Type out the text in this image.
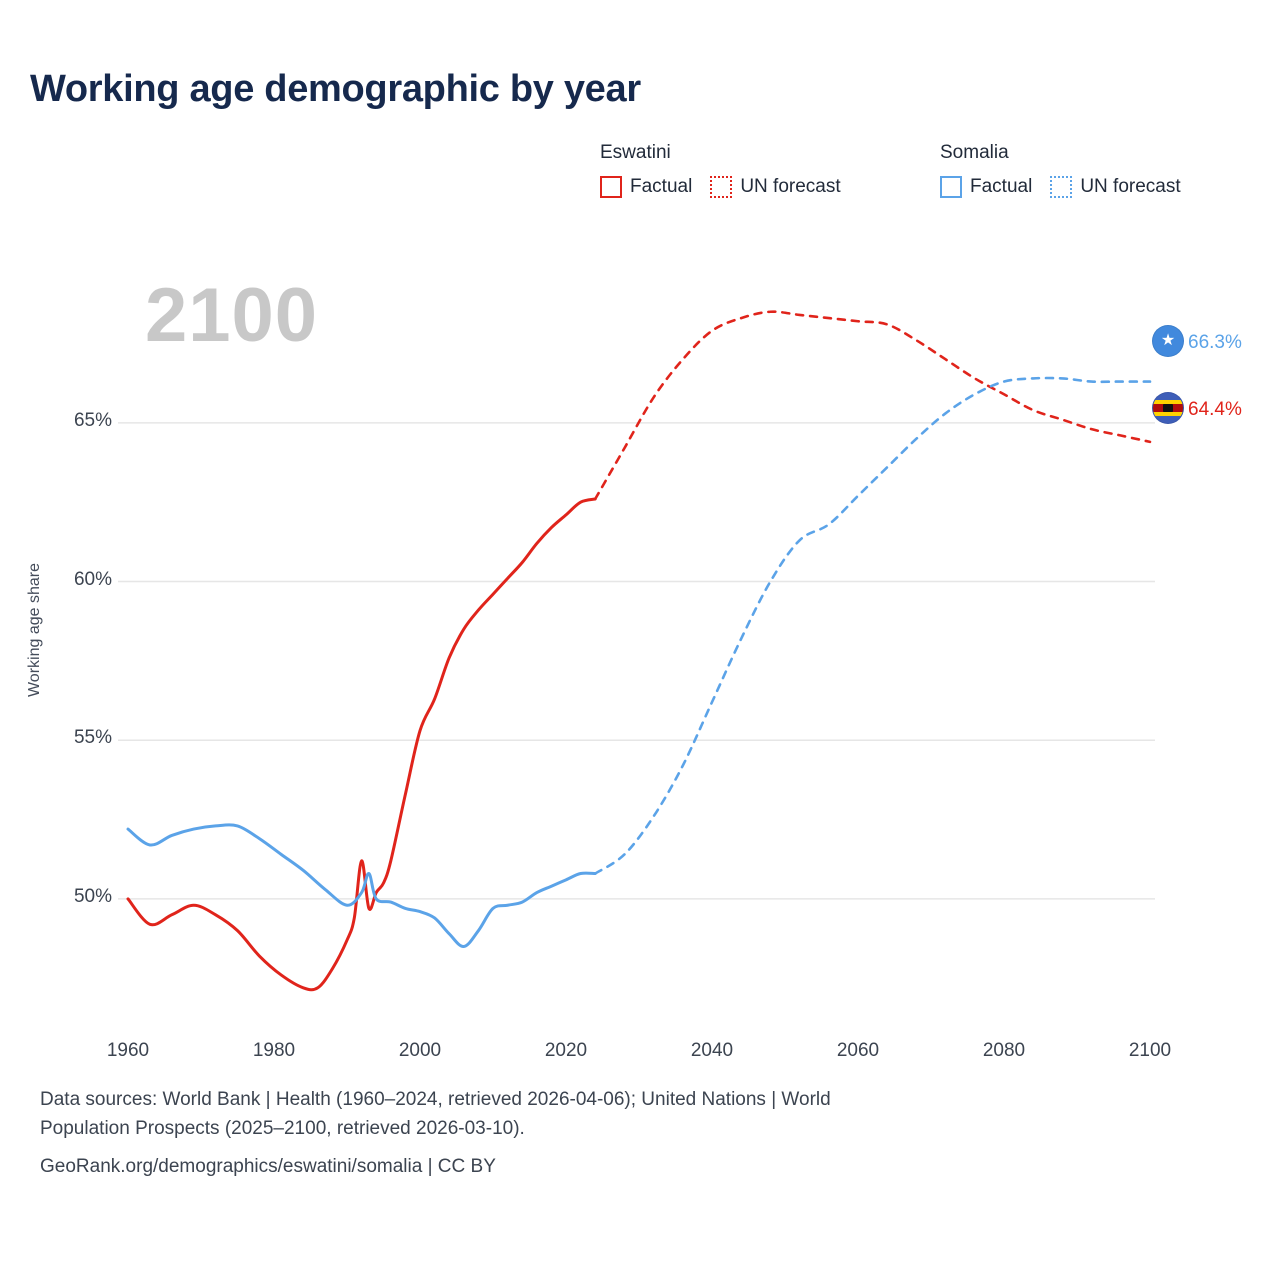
Working age demographic by year
Eswatini
Factual	UN forecast
Somalia
Factual	UN forecast
2100
Working age share
50%
55%
60%
65%
1960	1980	2000	2020	2040	2060	2080	2100
★ 66.3%
64.4%
Data sources: World Bank | Health (1960–2024, retrieved 2026-04-06); United Nations | World
Population Prospects (2025–2100, retrieved 2026-03-10).
GeoRank.org/demographics/eswatini/somalia | CC BY
